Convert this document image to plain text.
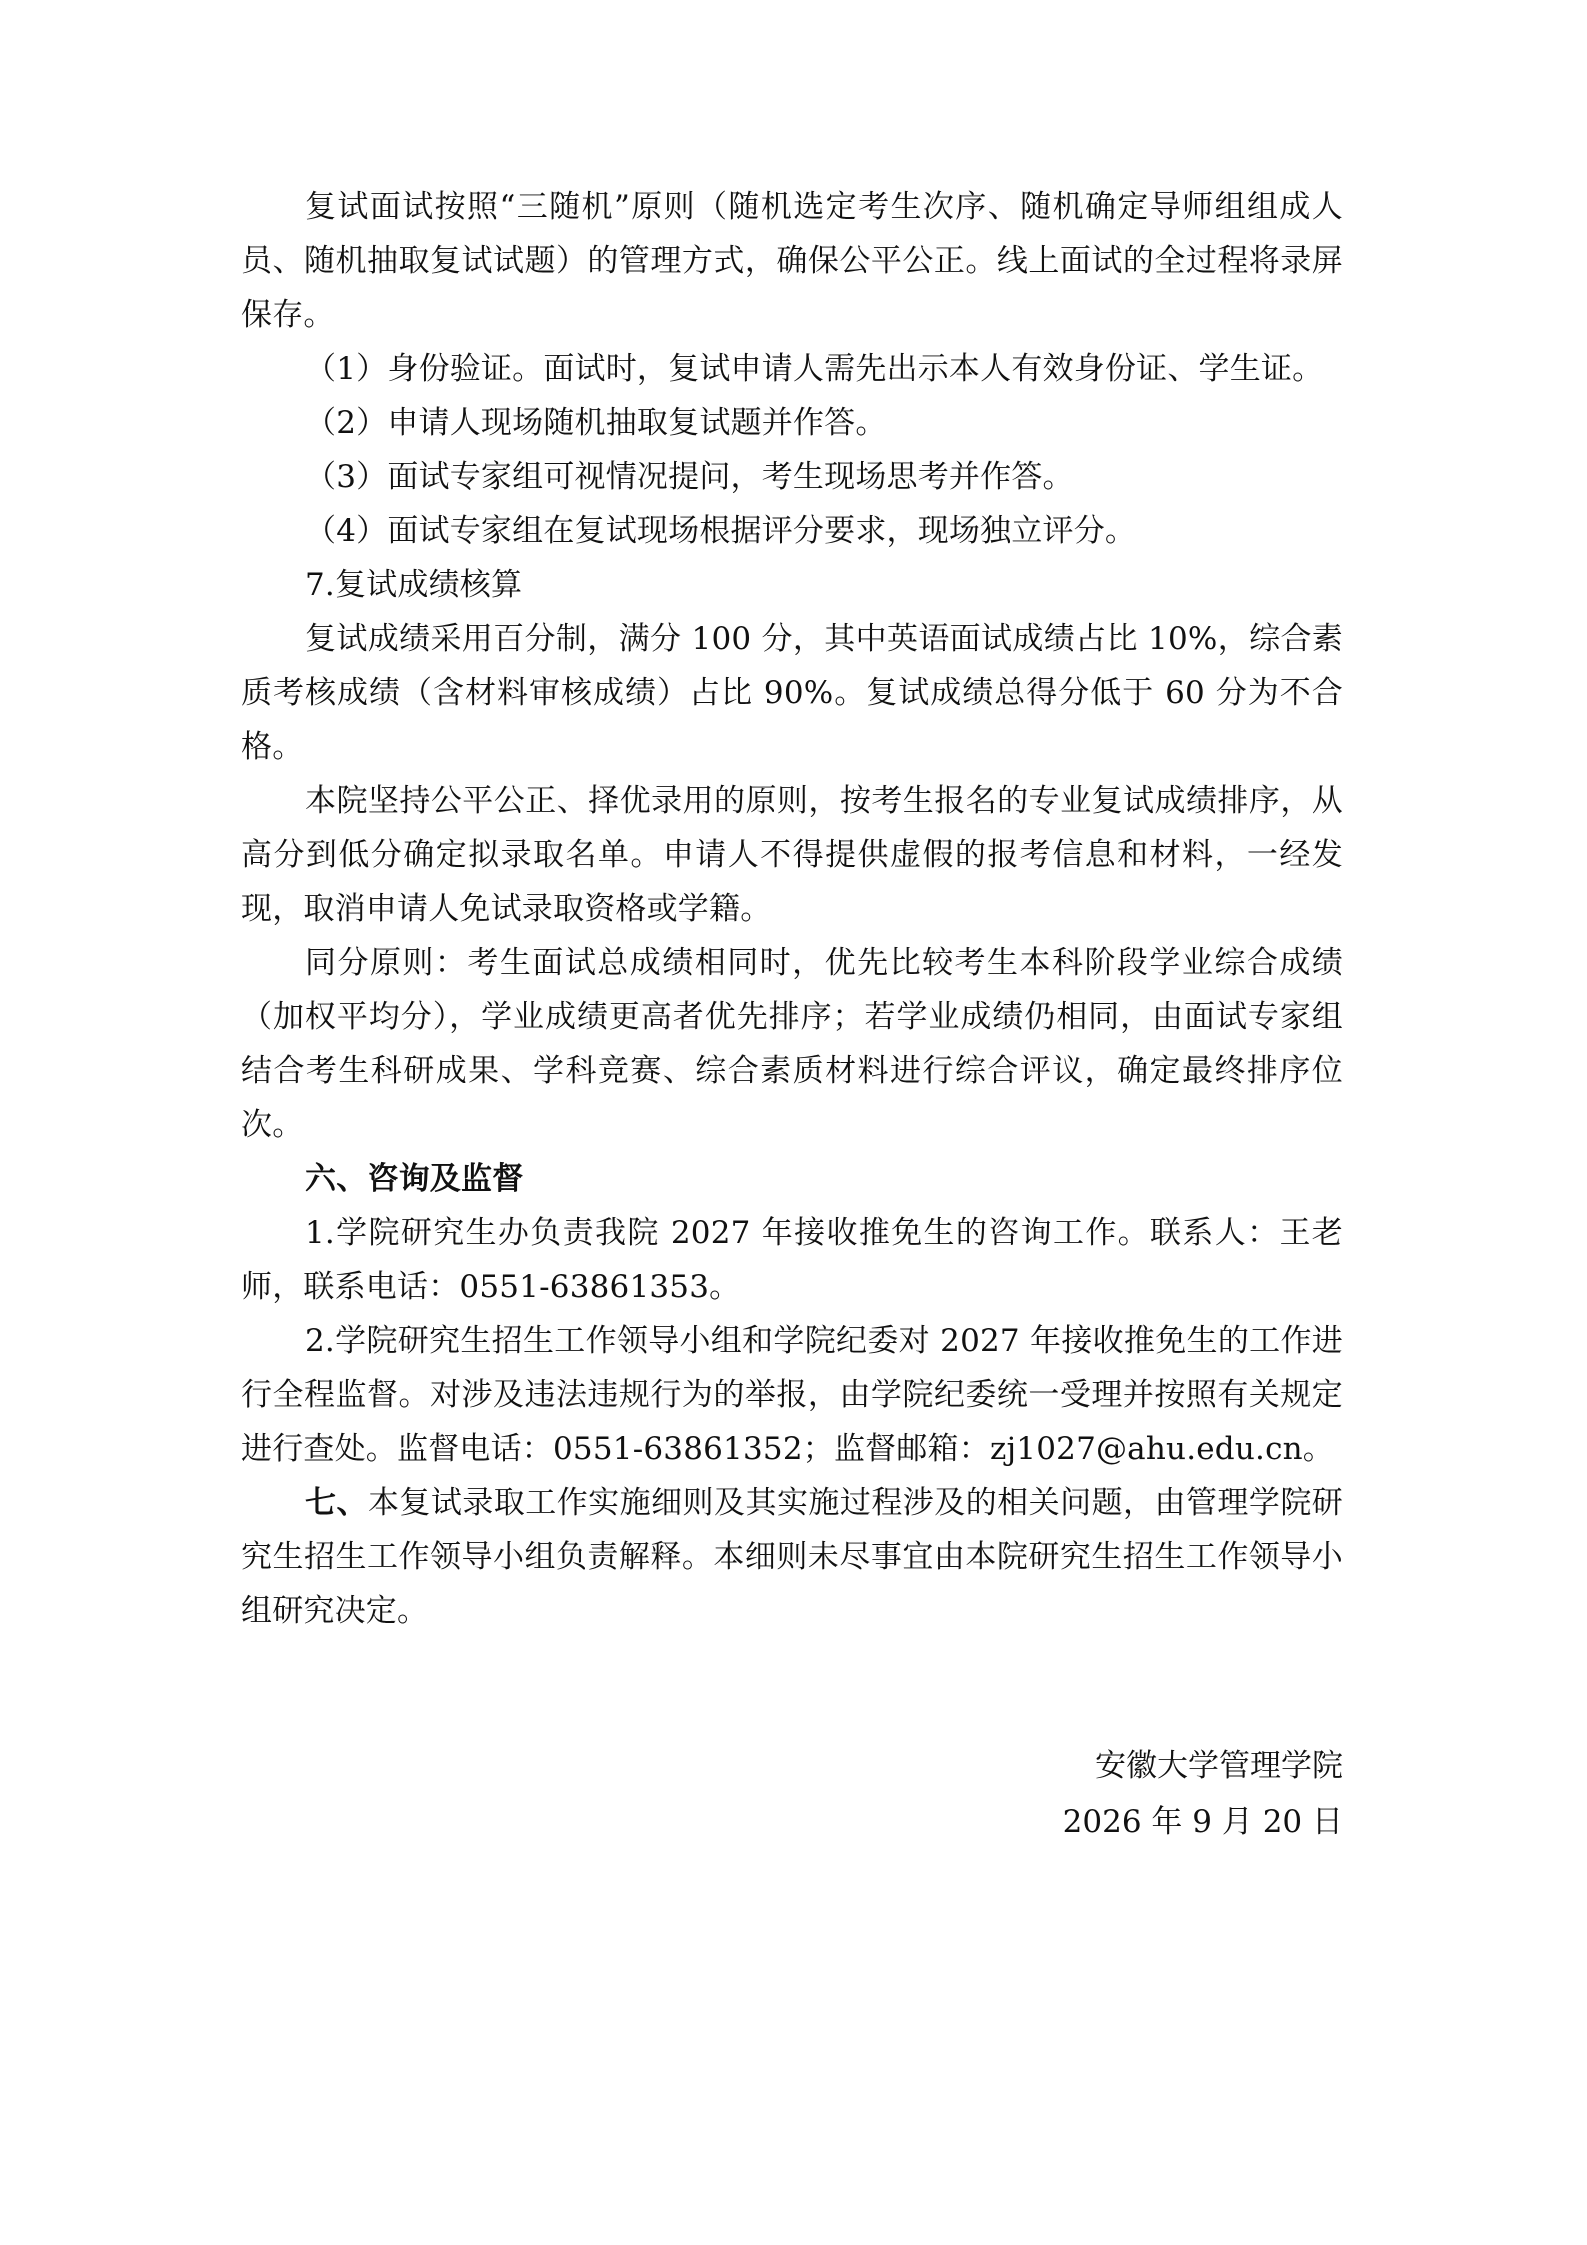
复试面试按照“三随机”原则（随机选定考生次序、随机确定导师组组成人员、随机抽取复试试题）的管理方式，确保公平公正。线上面试的全过程将录屏保存。

（1）身份验证。面试时，复试申请人需先出示本人有效身份证、学生证。

（2）申请人现场随机抽取复试题并作答。

（3）面试专家组可视情况提问，考生现场思考并作答。

（4）面试专家组在复试现场根据评分要求，现场独立评分。

7.复试成绩核算

复试成绩采用百分制，满分 100 分，其中英语面试成绩占比 10%，综合素质考核成绩（含材料审核成绩）占比 90%。复试成绩总得分低于 60 分为不合格。

本院坚持公平公正、择优录用的原则，按考生报名的专业复试成绩排序，从高分到低分确定拟录取名单。申请人不得提供虚假的报考信息和材料，一经发现，取消申请人免试录取资格或学籍。

同分原则：考生面试总成绩相同时，优先比较考生本科阶段学业综合成绩（加权平均分），学业成绩更高者优先排序；若学业成绩仍相同，由面试专家组结合考生科研成果、学科竞赛、综合素质材料进行综合评议，确定最终排序位次。

六、咨询及监督

1.学院研究生办负责我院 2027 年接收推免生的咨询工作。联系人：王老师，联系电话：0551-63861353。

2.学院研究生招生工作领导小组和学院纪委对 2027 年接收推免生的工作进行全程监督。对涉及违法违规行为的举报，由学院纪委统一受理并按照有关规定进行查处。监督电话：0551-63861352；监督邮箱：zj1027@ahu.edu.cn。

七、本复试录取工作实施细则及其实施过程涉及的相关问题，由管理学院研究生招生工作领导小组负责解释。本细则未尽事宜由本院研究生招生工作领导小组研究决定。

安徽大学管理学院

2026 年 9 月 20 日
